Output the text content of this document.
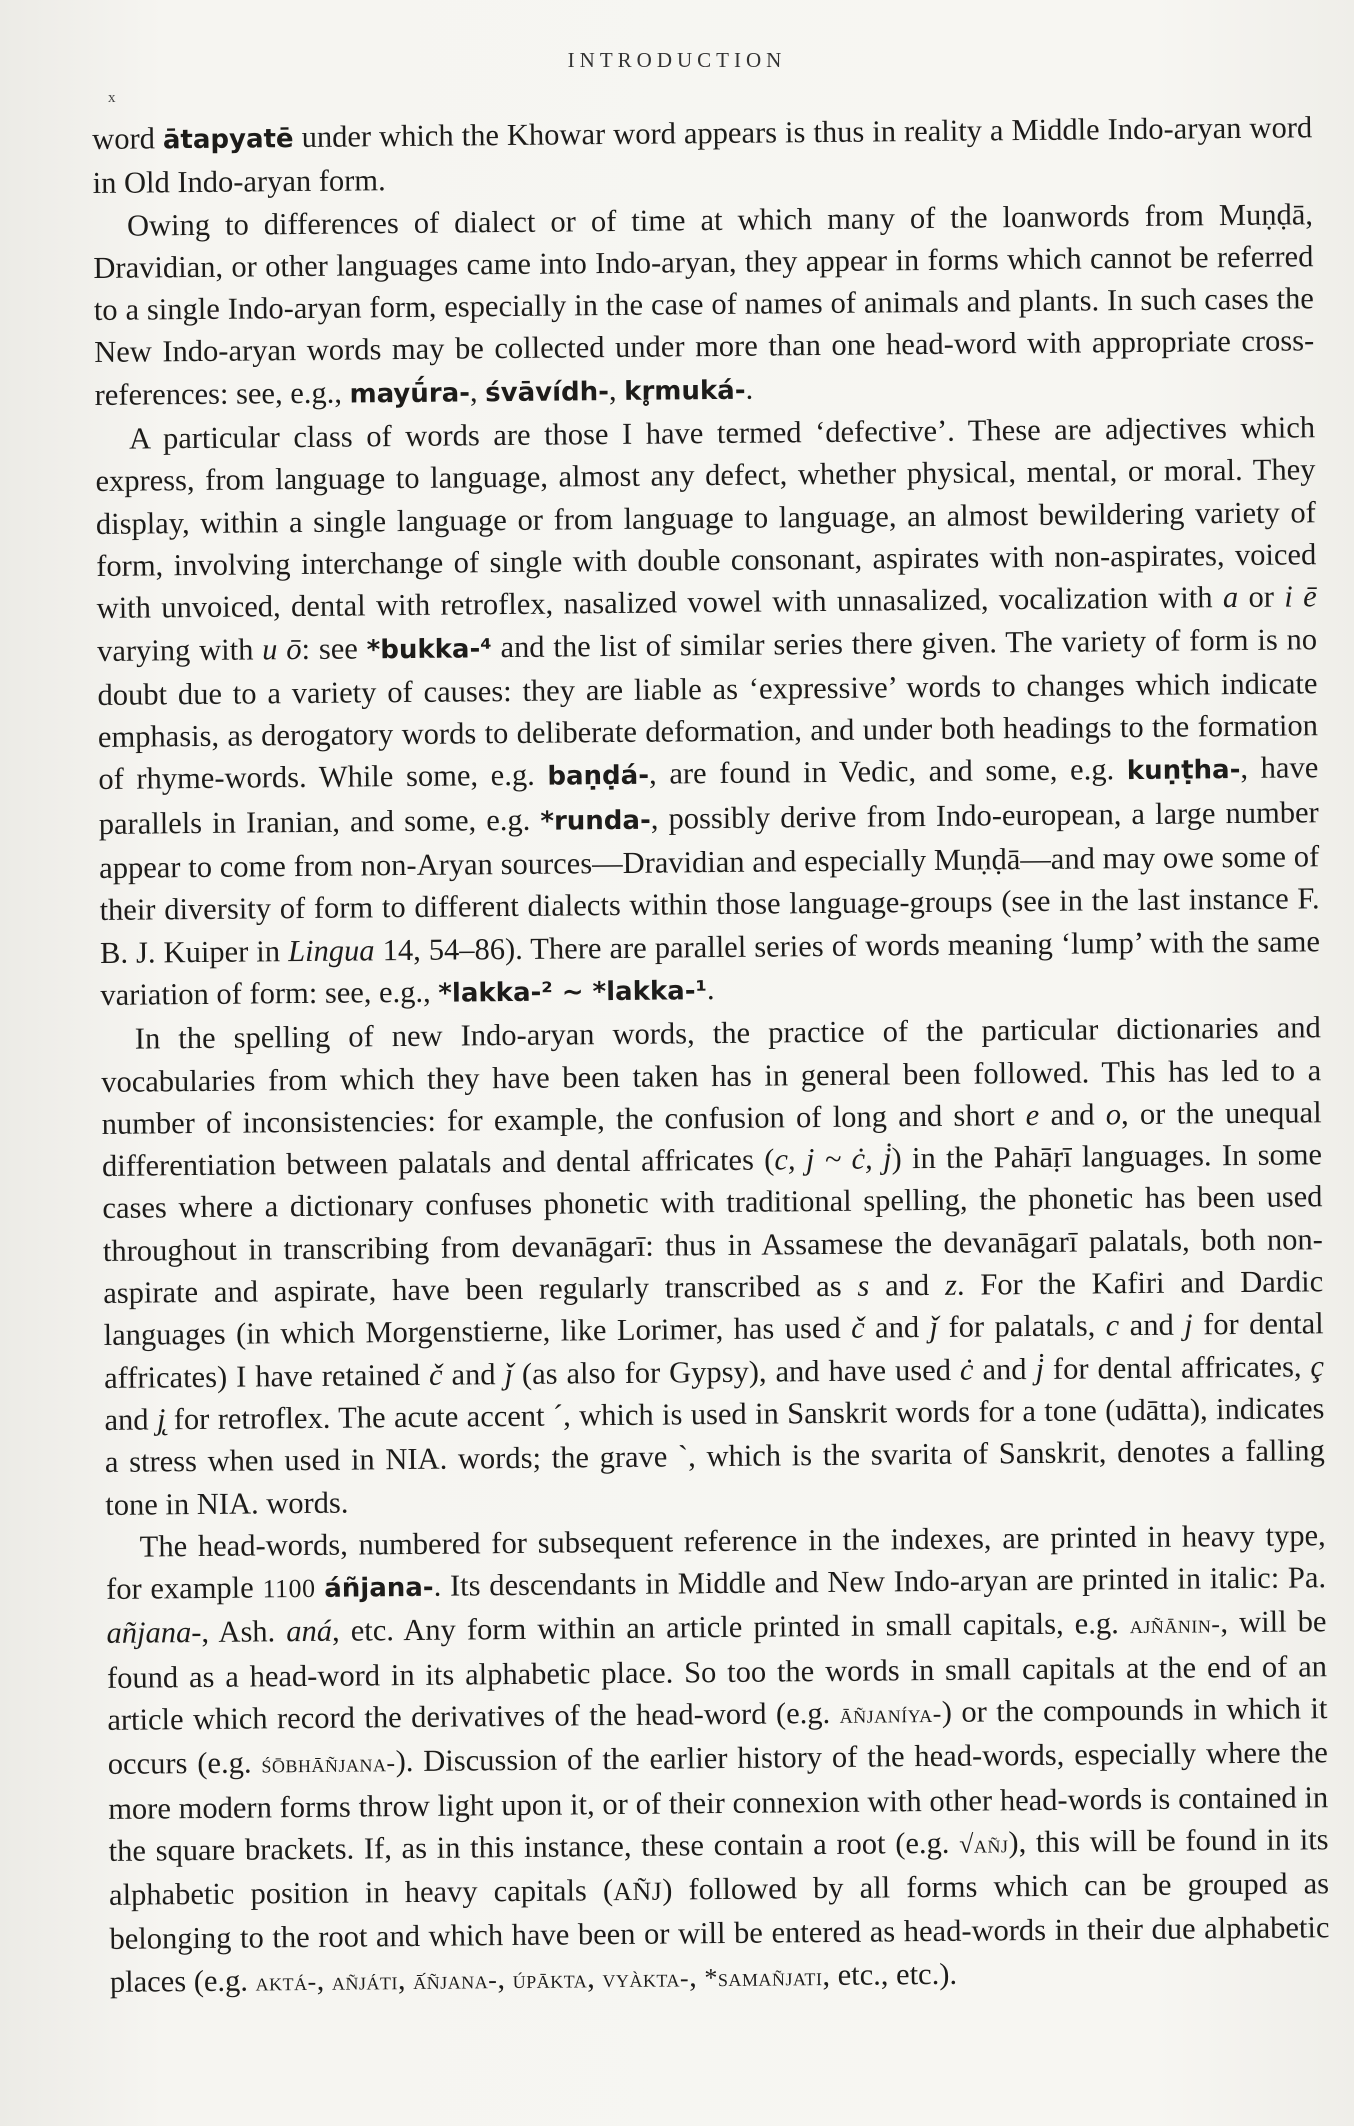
INTRODUCTION
x

word ātapyatē under which the Khowar word appears is thus in reality a Middle Indo-aryan word in Old Indo-aryan form.

Owing to differences of dialect or of time at which many of the loanwords from Muṇḍā, Dravidian, or other languages came into Indo-aryan, they appear in forms which cannot be referred to a single Indo-aryan form, especially in the case of names of animals and plants. In such cases the New Indo-aryan words may be collected under more than one head-word with appropriate cross-references: see, e.g., mayū́ra-, śvāvídh-, kr̥muká-.

A particular class of words are those I have termed ‘defective’. These are adjectives which express, from language to language, almost any defect, whether physical, mental, or moral. They display, within a single language or from language to language, an almost bewildering variety of form, involving interchange of single with double consonant, aspirates with non-aspirates, voiced with unvoiced, dental with retroflex, nasalized vowel with unnasalized, vocalization with a or i ē varying with u ō: see *bukka-⁴ and the list of similar series there given. The variety of form is no doubt due to a variety of causes: they are liable as ‘expressive’ words to changes which indicate emphasis, as derogatory words to deliberate deformation, and under both headings to the formation of rhyme-words. While some, e.g. baṇḍá-, are found in Vedic, and some, e.g. kuṇṭha-, have parallels in Iranian, and some, e.g. *runda-, possibly derive from Indo-european, a large number appear to come from non-Aryan sources—Dravidian and especially Muṇḍā—and may owe some of their diversity of form to different dialects within those language-groups (see in the last instance F. B. J. Kuiper in Lingua 14, 54–86). There are parallel series of words meaning ‘lump’ with the same variation of form: see, e.g., *lakka-² ~ *lakka-¹.

In the spelling of new Indo-aryan words, the practice of the particular dictionaries and vocabularies from which they have been taken has in general been followed. This has led to a number of inconsistencies: for example, the confusion of long and short e and o, or the unequal differentiation between palatals and dental affricates (c, j ~ ċ, j̇) in the Pahāṛī languages. In some cases where a dictionary confuses phonetic with traditional spelling, the phonetic has been used throughout in transcribing from devanāgarī: thus in Assamese the devanāgarī palatals, both non-aspirate and aspirate, have been regularly transcribed as s and z. For the Kafiri and Dardic languages (in which Morgenstierne, like Lorimer, has used č and ǰ for palatals, c and j for dental affricates) I have retained č and ǰ (as also for Gypsy), and have used ċ and j̇ for dental affricates, ç and j̨ for retroflex. The acute accent ´, which is used in Sanskrit words for a tone (udātta), indicates a stress when used in NIA. words; the grave `, which is the svarita of Sanskrit, denotes a falling tone in NIA. words.

The head-words, numbered for subsequent reference in the indexes, are printed in heavy type, for example 1100 áñjana-. Its descendants in Middle and New Indo-aryan are printed in italic: Pa. añjana-, Ash. aná, etc. Any form within an article printed in small capitals, e.g. ajñānin-, will be found as a head-word in its alphabetic place. So too the words in small capitals at the end of an article which record the derivatives of the head-word (e.g. āñjaníya-) or the compounds in which it occurs (e.g. śōbhāñjana-). Discussion of the earlier history of the head-words, especially where the more modern forms throw light upon it, or of their connexion with other head-words is contained in the square brackets. If, as in this instance, these contain a root (e.g. √añj), this will be found in its alphabetic position in heavy capitals (AÑJ) followed by all forms which can be grouped as belonging to the root and which have been or will be entered as head-words in their due alphabetic places (e.g. aktá-, añjáti, ā́ñjana-, úpākta, vyàkta-, *samañjati, etc., etc.).
